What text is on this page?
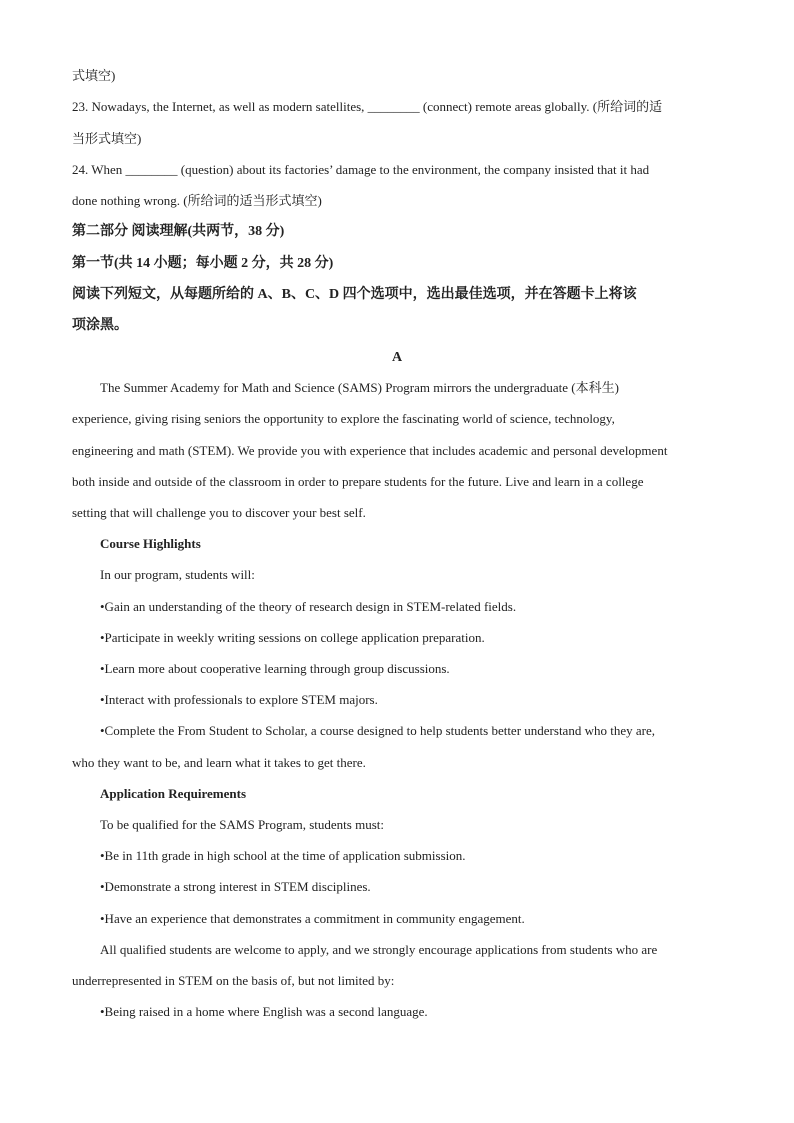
式填空)
23. Nowadays, the Internet, as well as modern satellites, ________ (connect) remote areas globally. (所给词的适
当形式填空)
24. When ________ (question) about its factories’ damage to the environment, the company insisted that it had
done nothing wrong. (所给词的适当形式填空)
第二部分 阅读理解(共两节，38 分)
第一节(共 14 小题；每小题 2 分，共 28 分)
阅读下列短文，从每题所给的 A、B、C、D 四个选项中，选出最佳选项，并在答题卡上将该
项涂黑。
A
The Summer Academy for Math and Science (SAMS) Program mirrors the undergraduate (本科生)
experience, giving rising seniors the opportunity to explore the fascinating world of science, technology,
engineering and math (STEM). We provide you with experience that includes academic and personal development
both inside and outside of the classroom in order to prepare students for the future. Live and learn in a college
setting that will challenge you to discover your best self.
Course Highlights
In our program, students will:
•Gain an understanding of the theory of research design in STEM-related fields.
•Participate in weekly writing sessions on college application preparation.
•Learn more about cooperative learning through group discussions.
•Interact with professionals to explore STEM majors.
•Complete the From Student to Scholar, a course designed to help students better understand who they are,
who they want to be, and learn what it takes to get there.
Application Requirements
To be qualified for the SAMS Program, students must:
•Be in 11th grade in high school at the time of application submission.
•Demonstrate a strong interest in STEM disciplines.
•Have an experience that demonstrates a commitment in community engagement.
All qualified students are welcome to apply, and we strongly encourage applications from students who are
underrepresented in STEM on the basis of, but not limited by:
•Being raised in a home where English was a second language.
